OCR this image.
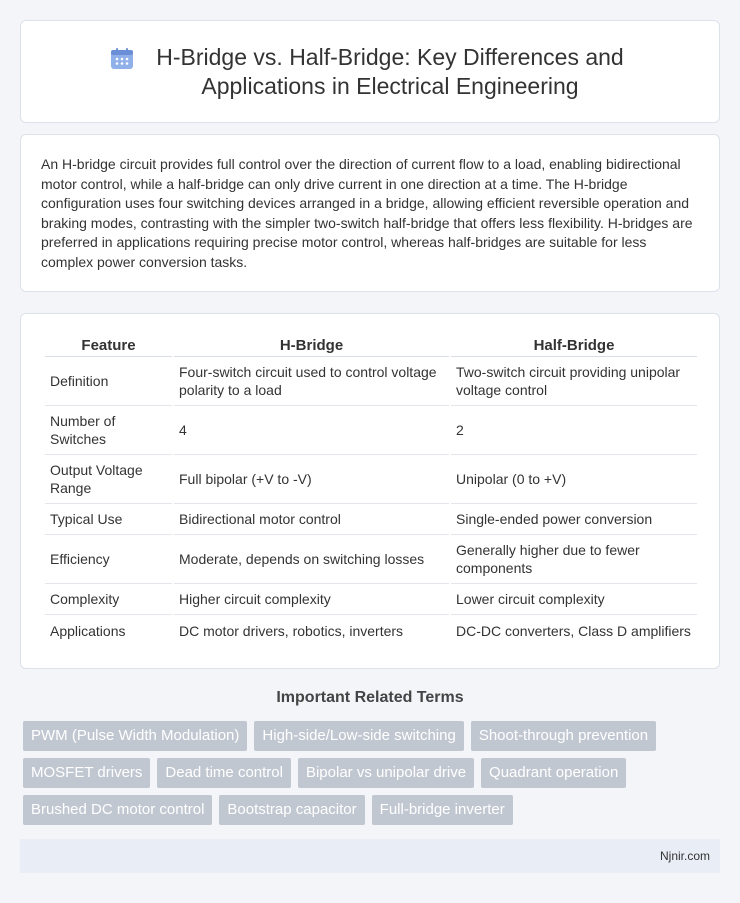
H-Bridge vs. Half-Bridge: Key Differences and Applications in Electrical Engineering

An H-bridge circuit provides full control over the direction of current flow to a load, enabling bidirectional motor control, while a half-bridge can only drive current in one direction at a time. The H-bridge configuration uses four switching devices arranged in a bridge, allowing efficient reversible operation and braking modes, contrasting with the simpler two-switch half-bridge that offers less flexibility. H-bridges are preferred in applications requiring precise motor control, whereas half-bridges are suitable for less complex power conversion tasks.

Feature	H-Bridge	Half-Bridge
Definition	Four-switch circuit used to control voltage polarity to a load	Two-switch circuit providing unipolar voltage control
Number of Switches	4	2
Output Voltage Range	Full bipolar (+V to -V)	Unipolar (0 to +V)
Typical Use	Bidirectional motor control	Single-ended power conversion
Efficiency	Moderate, depends on switching losses	Generally higher due to fewer components
Complexity	Higher circuit complexity	Lower circuit complexity
Applications	DC motor drivers, robotics, inverters	DC-DC converters, Class D amplifiers
Important Related Terms
PWM (Pulse Width Modulation)	High-side/Low-side switching	Shoot-through prevention
MOSFET drivers	Dead time control	Bipolar vs unipolar drive	Quadrant operation
Brushed DC motor control	Bootstrap capacitor	Full-bridge inverter
Njnir.com
